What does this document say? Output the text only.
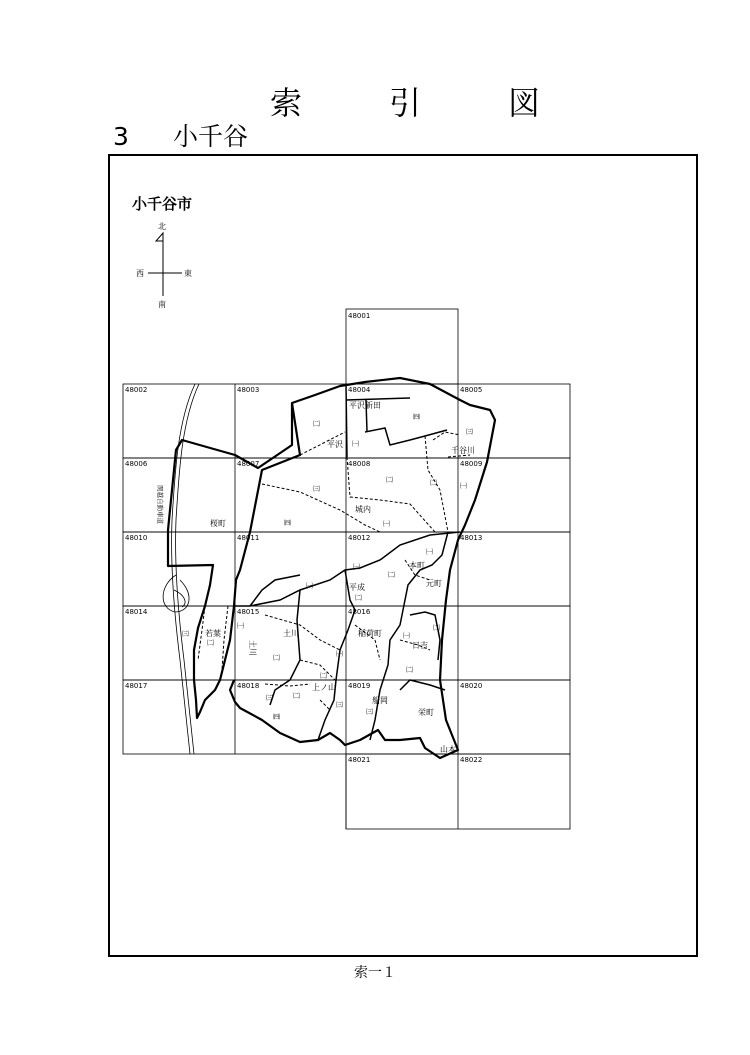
索	引	図
3 小千谷
小千谷市
北
南
西	東
48001
48002	48003	48004	48005
48006	48007	48008	48009
48010	48011	48012	48013
48014	48015	48016
48017	48018	48019	48020
48021	48022
関越自動車道
平沢新田
平沢
千谷川
城内
桜町
本町
平成	元町
若葉
土川
土川	稲荷町
日吉
上ノ山
船岡
栄町
山本
㈡
㈣
㈠
㈢
㈢
㈡	㈡	㈠
㈣	㈠
㈠
㈠
㈡
㈠
㈡
㈠
㈢
㈡
㈡
㈠
㈠
㈡
㈡
㈡
㈡
㈢
㈢
㈢
㈣
索一１
